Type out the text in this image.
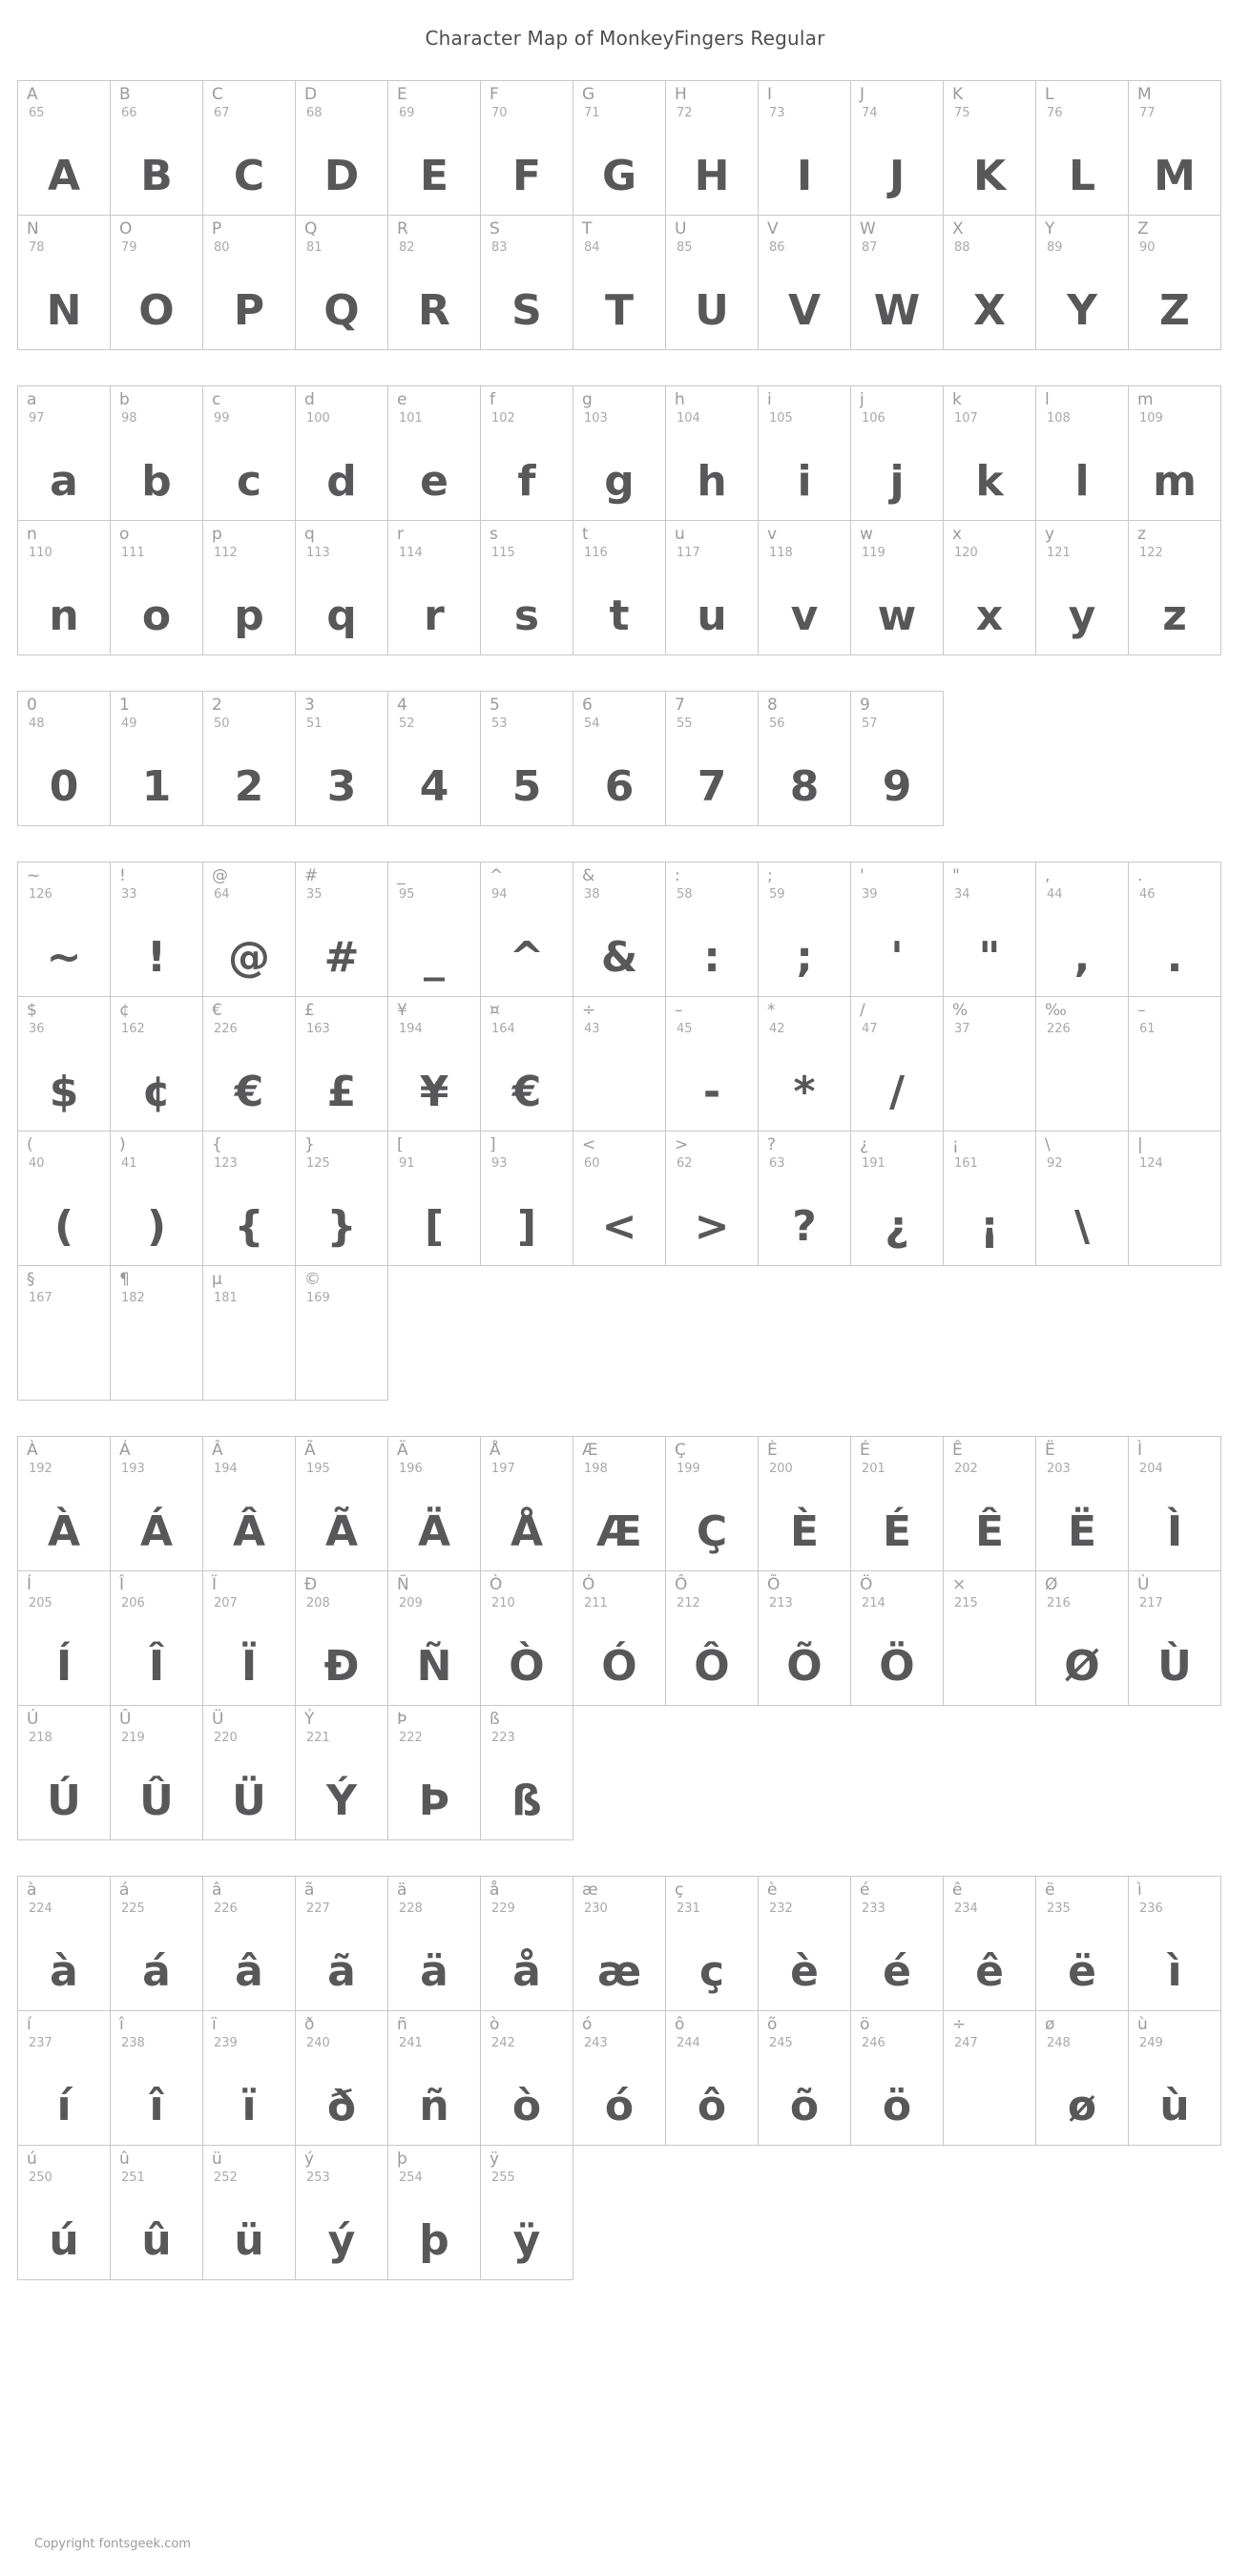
Character Map of MonkeyFingers Regular
A
65
A
B
66
B
C
67
C
D
68
D
E
69
E
F
70
F
G
71
G
H
72
H
I
73
I
J
74
J
K
75
K
L
76
L
M
77
M
N
78
N
O
79
O
P
80
P
Q
81
Q
R
82
R
S
83
S
T
84
T
U
85
U
V
86
V
W
87
W
X
88
X
Y
89
Y
Z
90
Z
a
97
a
b
98
b
c
99
c
d
100
d
e
101
e
f
102
f
g
103
g
h
104
h
i
105
i
j
106
j
k
107
k
l
108
l
m
109
m
n
110
n
o
111
o
p
112
p
q
113
q
r
114
r
s
115
s
t
116
t
u
117
u
v
118
v
w
119
w
x
120
x
y
121
y
z
122
z
0
48
0
1
49
1
2
50
2
3
51
3
4
52
4
5
53
5
6
54
6
7
55
7
8
56
8
9
57
9
~
126
~
!
33
!
@
64
@
#
35
#
_
95
_
^
94
^
&
38
&
:
58
:
;
59
;
'
39
'
"
34
"
,
44
,
.
46
.
$
36
$
¢
162
¢
€
226
€
£
163
£
¥
194
¥
¤
164
€
÷
43
–
45
-
*
42
*
/
47
/
%
37
‰
226
–
61
(
40
(
)
41
)
{
123
{
}
125
}
[
91
[
]
93
]
<
60
<
>
62
>
?
63
?
¿
191
¿
¡
161
¡
\
92
\
|
124
§
167
¶
182
µ
181
©
169
À
192
À
Á
193
Á
Â
194
Â
Ã
195
Ã
Ä
196
Ä
Å
197
Å
Æ
198
Æ
Ç
199
Ç
È
200
È
É
201
É
Ê
202
Ê
Ë
203
Ë
Ì
204
Ì
Í
205
Í
Î
206
Î
Ï
207
Ï
Ð
208
Ð
Ñ
209
Ñ
Ò
210
Ò
Ó
211
Ó
Ô
212
Ô
Õ
213
Õ
Ö
214
Ö
×
215
Ø
216
Ø
Ù
217
Ù
Ú
218
Ú
Û
219
Û
Ü
220
Ü
Ý
221
Ý
Þ
222
Þ
ß
223
ß
à
224
à
á
225
á
â
226
â
ã
227
ã
ä
228
ä
å
229
å
æ
230
æ
ç
231
ç
è
232
è
é
233
é
ê
234
ê
ë
235
ë
ì
236
ì
í
237
í
î
238
î
ï
239
ï
ð
240
ð
ñ
241
ñ
ò
242
ò
ó
243
ó
ô
244
ô
õ
245
õ
ö
246
ö
÷
247
ø
248
ø
ù
249
ù
ú
250
ú
û
251
û
ü
252
ü
ý
253
ý
þ
254
þ
ÿ
255
ÿ
Copyright fontsgeek.com
